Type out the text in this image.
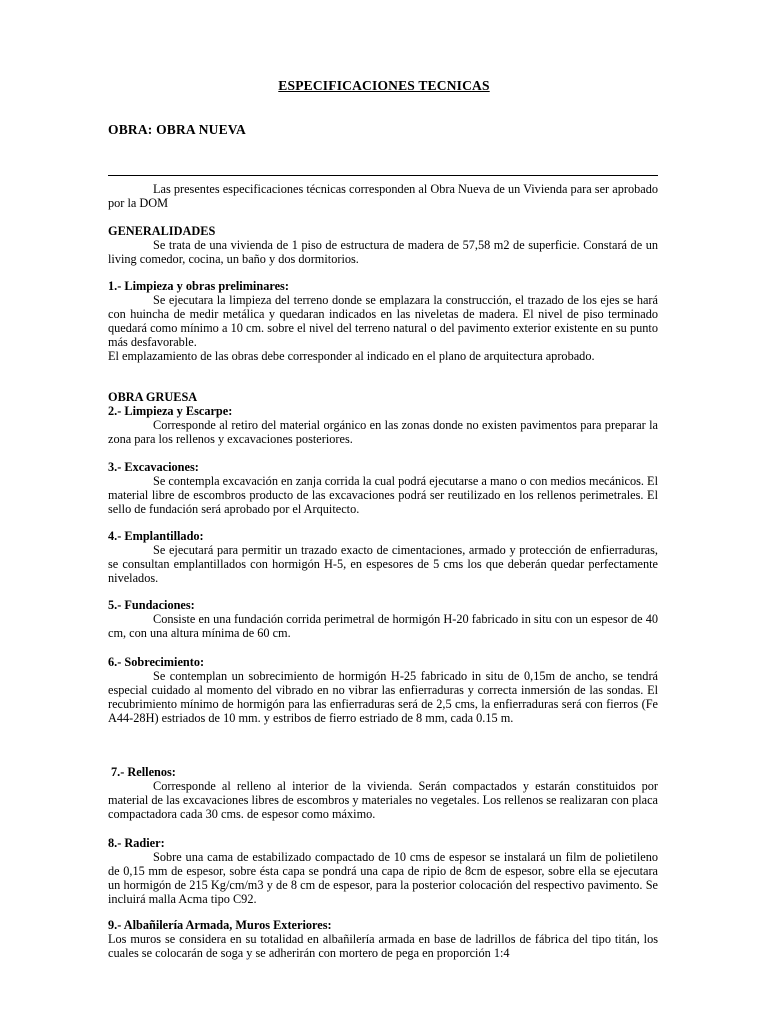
ESPECIFICACIONES TECNICAS
OBRA: OBRA NUEVA
Las presentes especificaciones técnicas corresponden al Obra Nueva de un Vivienda para ser aprobado por la DOM
GENERALIDADES
Se trata de una vivienda de 1 piso de estructura de madera de 57,58 m2 de superficie. Constará de un living comedor, cocina, un baño y dos dormitorios.
1.- Limpieza y obras preliminares:
Se ejecutara la limpieza del terreno donde se emplazara la construcción, el trazado de los ejes se hará con huincha de medir metálica y quedaran indicados en las niveletas de madera. El nivel de piso terminado quedará como mínimo a 10 cm. sobre el nivel del terreno natural o del pavimento exterior existente en su punto más desfavorable.
El emplazamiento de las obras debe corresponder al indicado en el plano de arquitectura aprobado.
OBRA GRUESA
2.- Limpieza y Escarpe:
Corresponde al retiro del material orgánico en las zonas donde no existen pavimentos para preparar la zona para los rellenos y excavaciones posteriores.
3.- Excavaciones:
Se contempla excavación en zanja corrida la cual podrá ejecutarse a mano o con medios mecánicos. El material libre de escombros producto de las excavaciones podrá ser reutilizado en los rellenos perimetrales. El sello de fundación será aprobado por el Arquitecto.
4.- Emplantillado:
Se ejecutará para permitir un trazado exacto de cimentaciones, armado y protección de enfierraduras, se consultan emplantillados con hormigón H-5, en espesores de 5 cms los que deberán quedar perfectamente nivelados.
5.- Fundaciones:
Consiste en una fundación corrida perimetral de hormigón H-20 fabricado in situ con un espesor de 40 cm, con una altura mínima de 60 cm.
6.- Sobrecimiento:
Se contemplan un sobrecimiento de hormigón H-25 fabricado in situ de 0,15m de ancho, se tendrá especial cuidado al momento del vibrado en no vibrar las enfierraduras y correcta inmersión de las sondas. El recubrimiento mínimo de hormigón para las enfierraduras será de 2,5 cms, la enfierraduras será con fierros (Fe A44-28H) estriados de 10 mm. y estribos de fierro estriado de 8 mm, cada 0.15 m.
7.- Rellenos:
Corresponde al relleno al interior de la vivienda. Serán compactados y estarán constituidos por material de las excavaciones libres de escombros y materiales no vegetales. Los rellenos se realizaran con placa compactadora cada 30 cms. de espesor como máximo.
8.- Radier:
Sobre una cama de estabilizado compactado de 10 cms de espesor se instalará un film de polietileno de 0,15 mm de espesor, sobre ésta capa se pondrá una capa de ripio de 8cm de espesor, sobre ella se ejecutara un hormigón de 215 Kg/cm/m3 y de 8 cm de espesor, para la posterior colocación del respectivo pavimento. Se incluirá malla Acma tipo C92.
9.- Albañilería Armada, Muros Exteriores:
Los muros se considera en su totalidad en albañilería armada en base de ladrillos de fábrica del tipo titán, los cuales se colocarán de soga y se adherirán con mortero de pega en proporción 1:4
